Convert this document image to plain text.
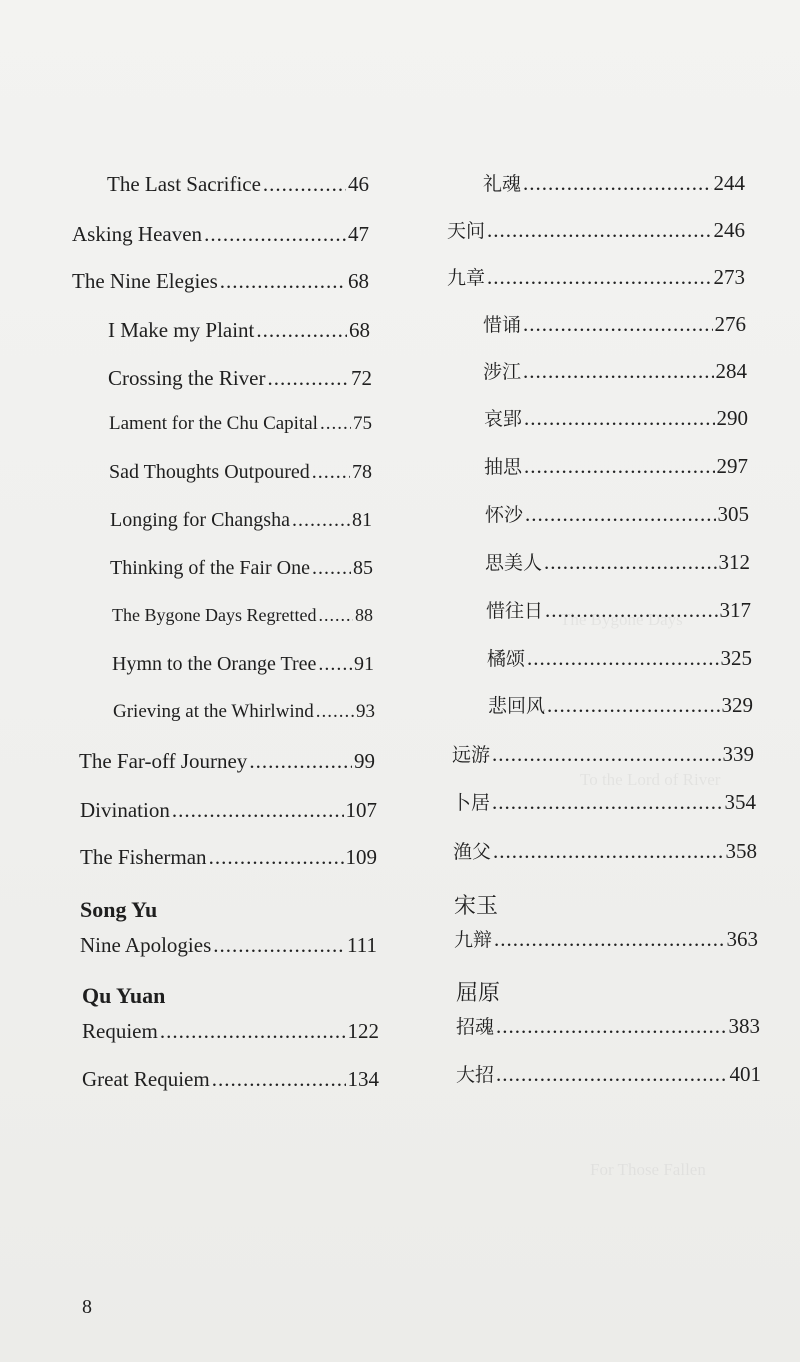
The Bygone Days
To the Lord of River
For Those Fallen
The Last Sacrifice .....	46
Asking Heaven .....	47
The Nine Elegies .....	68
I Make my Plaint .....	68
Crossing the River .....	72
Lament for the Chu Capital ..... 75
Sad Thoughts Outpoured ..... 78
Longing for Changsha .....	81
Thinking of the Fair One ..... 85
The Bygone Days Regretted ..... 88
Hymn to the Orange Tree ..... 91
Grieving at the Whirlwind ..... 93
The Far-off Journey .....	99
Divination .....	107
The Fisherman .....	109
Song Yu
Nine Apologies .....	111
Qu Yuan
Requiem .....	122
Great Requiem .....	134
礼魂 .....	244
天问 .....	246
九章 .....	273
惜诵 .....	276
涉江 .....	284
哀郢 .....	290
抽思 .....	297
怀沙 .....	305
思美人 .....	312
惜往日 .....	317
橘颂 .....	325
悲回风 .....	329
远游 .....	339
卜居 .....	354
渔父 .....	358
宋玉
九辩 .....	363
屈原
招魂 .....	383
大招 .....	401
8
